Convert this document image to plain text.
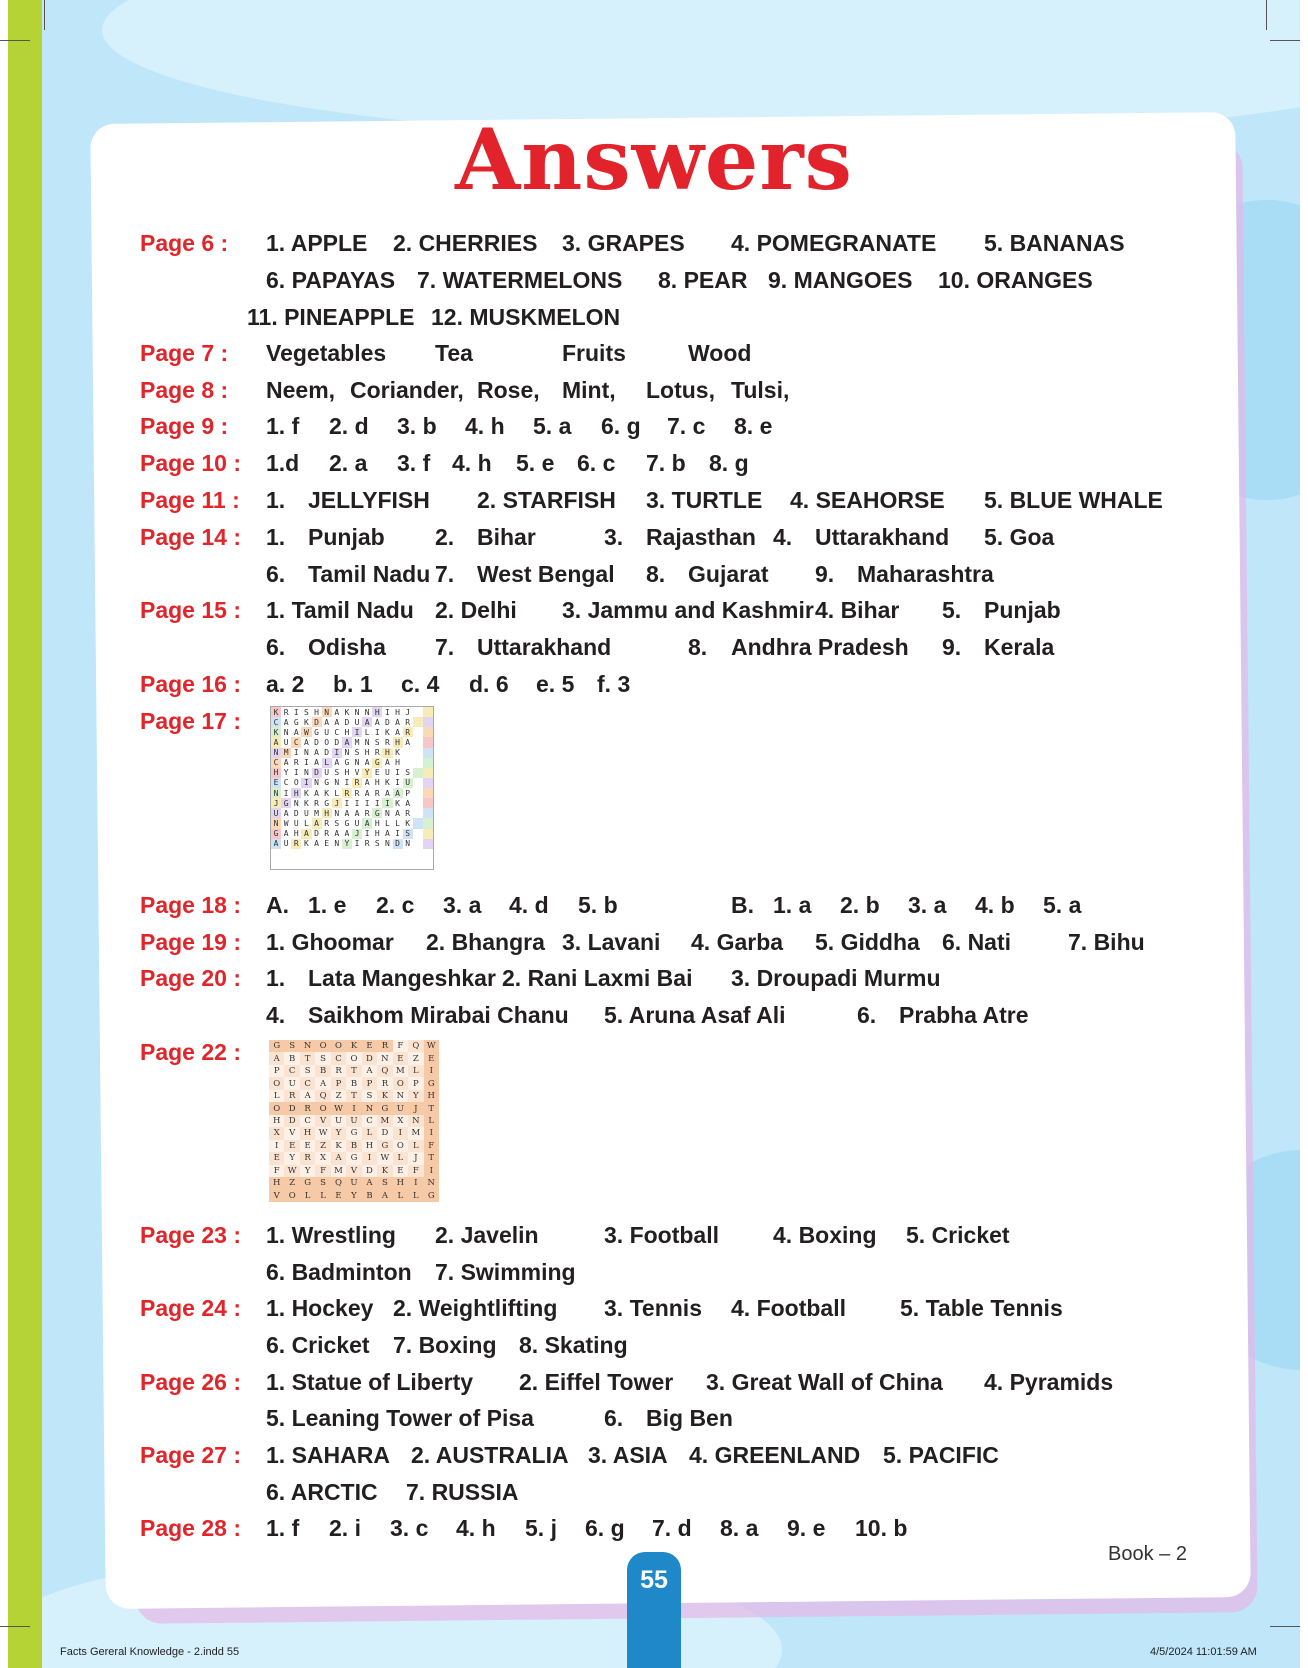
Answers
Page 6 : 1. APPLE 2. CHERRIES 3. GRAPES 4. POMEGRANATE 5. BANANAS
6. PAPAYAS 7. WATERMELONS 8. PEAR 9. MANGOES 10. ORANGES
11. PINEAPPLE 12. MUSKMELON
Page 7 : Vegetables Tea	Fruits	Wood
Page 8 : Neem, Coriander, Rose, Mint, Lotus, Tulsi,
Page 9 : 1. f 2. d 3. b 4. h 5. a 6. g 7. c 8. e
Page 10 : 1.d 2. a 3. f 4. h 5. e 6. c 7. b 8. g
Page 11 : 1. JELLYFISH 2. STARFISH 3. TURTLE 4. SEAHORSE 5. BLUE WHALE
Page 14 : 1. Punjab 2. Bihar	3. Rajasthan 4. Uttarakhand 5. Goa
6. Tamil Nadu 7. West Bengal 8. Gujarat 9. Maharashtra
Page 15 : 1. Tamil Nadu 2. Delhi 3. Jammu and Kashmir 4. Bihar 5. Punjab
6. Odisha 7. Uttarakhand	8. Andhra Pradesh 9. Kerala
Page 16 : a. 2 b. 1 c. 4 d. 6 e. 5 f. 3
Page 17 :	K R I S H N A K N N H I H J
C A G K D A A D U A A D A R
K N A W G U C H I L I K A R
A U C A D O D A M N S R H A
N M I N A D I N S H R H K
C A R I A L A G N A G A H
H Y I N D U S H V Y E U I S
E C O I N G N I R A H K I U
N I H K A K L R R A R A A P
J G N K R G J I I I I I K A
U A D U M H N A A R G N A R
N W U L A R S G U A H L L K
G A H A D R A A J I H A I S
A U R K A E N Y I R S N D N
Page 18 : A. 1. e 2. c 3. a 4. d 5. b	B. 1. a 2. b 3. a 4. b 5. a
Page 19 : 1. Ghoomar 2. Bhangra 3. Lavani 4. Garba 5. Giddha 6. Nati 7. Bihu
Page 20 : 1. Lata Mangeshkar 2. Rani Laxmi Bai 3. Droupadi Murmu
4. Saikhom Mirabai Chanu 5. Aruna Asaf Ali	6. Prabha Atre
Page 22 :	G	S	N O O	K	E	R	F	Q W
A	B	T	S	C	O	D N	E	Z	E
P	C	S	B	R	T	A	Q M L	I
O U	C	A	P	B	P	R	O	P	G
L	R	A	Q	Z	T	S	K	N	Y	H
O	D	R	O W	I	N G U	J	T
H D	C	V	U U	C M X	N	L
X	V	H W Y	G	L	D	I	M	I
I	E	E	Z	K	B	H G	O	L	F
E	Y	R	X	A	G	I	W L	J	T
F W Y	F M V	D	K	E	F	I
H	Z	G	S	Q U	A	S	H	I	N
V	O	L	L	E	Y	B	A	L	L	G
Page 23 : 1. Wrestling 2. Javelin	3. Football 4. Boxing 5. Cricket
6. Badminton 7. Swimming
Page 24 : 1. Hockey 2. Weightlifting 3. Tennis 4. Football 5. Table Tennis
6. Cricket 7. Boxing 8. Skating
Page 26 : 1. Statue of Liberty 2. Eiffel Tower 3. Great Wall of China 4. Pyramids
5. Leaning Tower of Pisa	6. Big Ben
Page 27 : 1. SAHARA 2. AUSTRALIA 3. ASIA 4. GREENLAND 5. PACIFIC
6. ARCTIC 7. RUSSIA
Page 28 : 1. f 2. i 3. c 4. h 5. j 6. g 7. d 8. a 9. e 10. b
Book – 2
55
Facts Gereral Knowledge - 2.indd 55	4/5/2024 11:01:59 AM
